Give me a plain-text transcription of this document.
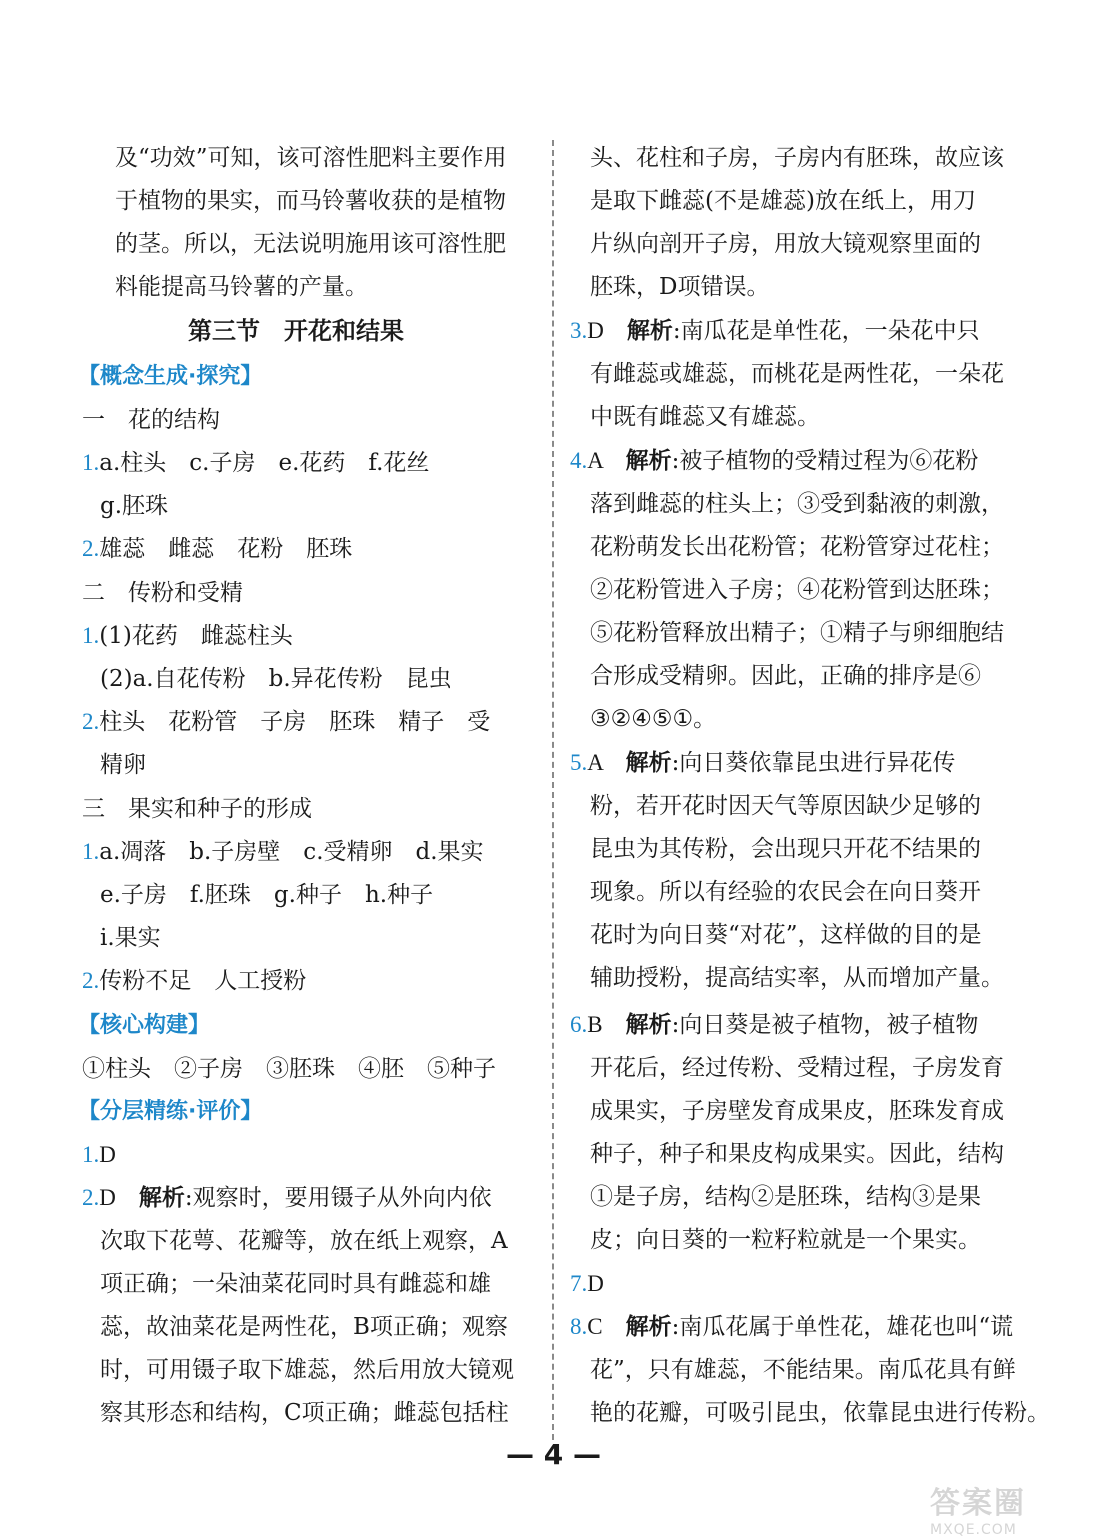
及“功效”可知，该可溶性肥料主要作用
于植物的果实，而马铃薯收获的是植物
的茎。所以，无法说明施用该可溶性肥
料能提高马铃薯的产量。
第三节　开花和结果
【概念生成·探究】
一　花的结构
1.a.柱头　c.子房　e.花药　f.花丝
g.胚珠
2.雄蕊　雌蕊　花粉　胚珠
二　传粉和受精
1.(1)花药　雌蕊柱头
(2)a.自花传粉　b.异花传粉　昆虫
2.柱头　花粉管　子房　胚珠　精子　受
精卵
三　果实和种子的形成
1.a.凋落　b.子房壁　c.受精卵　d.果实
e.子房　f.胚珠　g.种子　h.种子
i.果实
2.传粉不足　人工授粉
【核心构建】
①柱头　②子房　③胚珠　④胚　⑤种子
【分层精练·评价】
1.D
2.D　解析:观察时，要用镊子从外向内依
次取下花萼、花瓣等，放在纸上观察，A
项正确；一朵油菜花同时具有雌蕊和雄
蕊，故油菜花是两性花，B项正确；观察
时，可用镊子取下雄蕊，然后用放大镜观
察其形态和结构，C项正确；雌蕊包括柱
头、花柱和子房，子房内有胚珠，故应该
是取下雌蕊(不是雄蕊)放在纸上，用刀
片纵向剖开子房，用放大镜观察里面的
胚珠，D项错误。
3.D　解析:南瓜花是单性花，一朵花中只
有雌蕊或雄蕊，而桃花是两性花，一朵花
中既有雌蕊又有雄蕊。
4.A　解析:被子植物的受精过程为⑥花粉
落到雌蕊的柱头上；③受到黏液的刺激，
花粉萌发长出花粉管；花粉管穿过花柱；
②花粉管进入子房；④花粉管到达胚珠；
⑤花粉管释放出精子；①精子与卵细胞结
合形成受精卵。因此，正确的排序是⑥
③②④⑤①。
5.A　解析:向日葵依靠昆虫进行异花传
粉，若开花时因天气等原因缺少足够的
昆虫为其传粉，会出现只开花不结果的
现象。所以有经验的农民会在向日葵开
花时为向日葵“对花”，这样做的目的是
辅助授粉，提高结实率，从而增加产量。
6.B　解析:向日葵是被子植物，被子植物
开花后，经过传粉、受精过程，子房发育
成果实，子房壁发育成果皮，胚珠发育成
种子，种子和果皮构成果实。因此，结构
①是子房，结构②是胚珠，结构③是果
皮；向日葵的一粒籽粒就是一个果实。
7.D
8.C　解析:南瓜花属于单性花，雄花也叫“谎
花”，只有雄蕊，不能结果。南瓜花具有鲜
艳的花瓣，可吸引昆虫，依靠昆虫进行传粉。
— 4 —
答案圈
MXQE.COM
